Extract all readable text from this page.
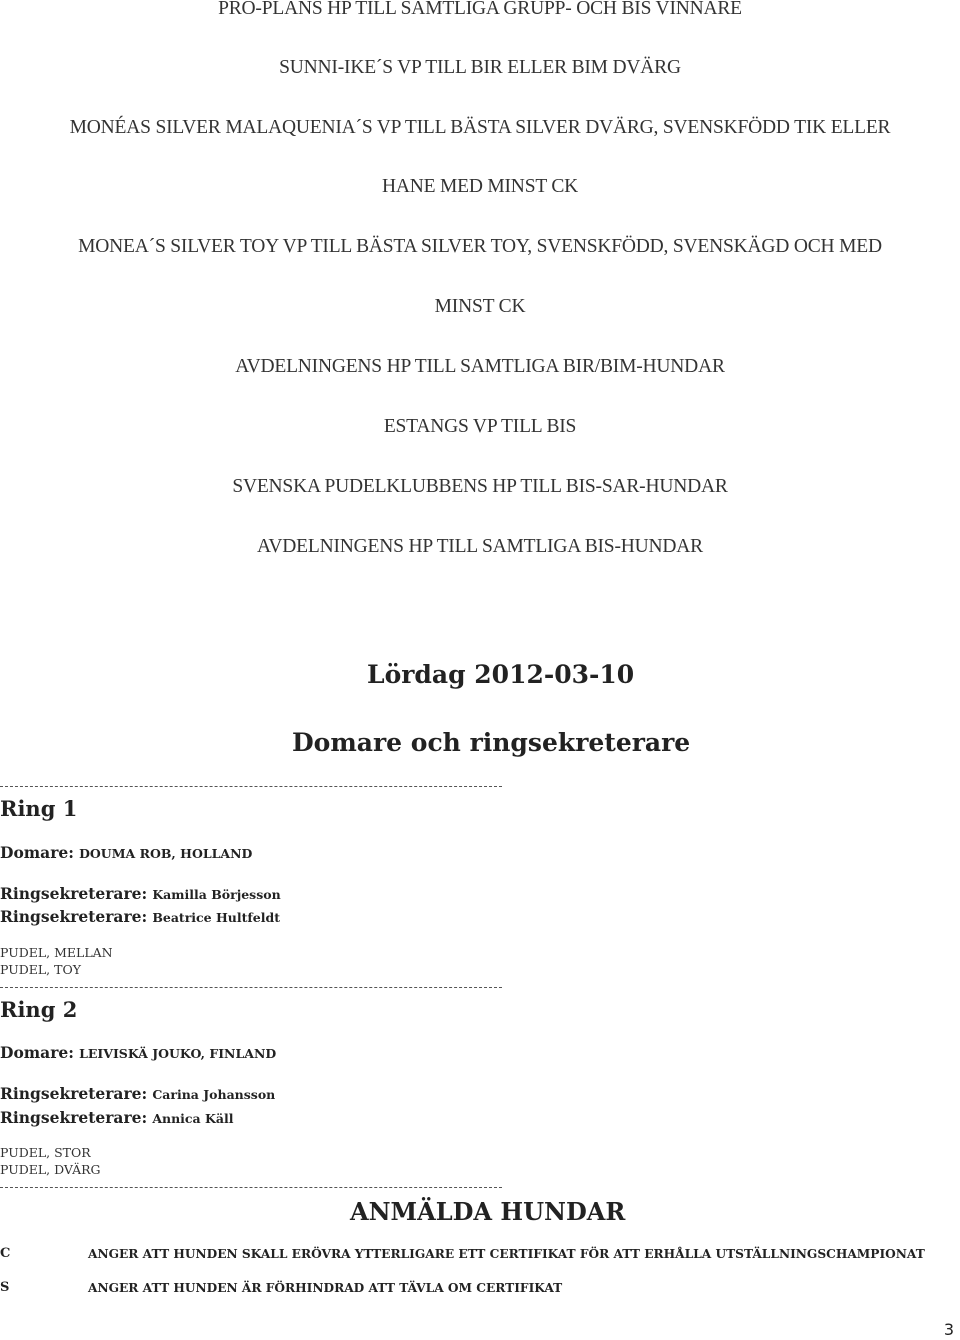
PRO-PLANS HP TILL SAMTLIGA GRUPP- OCH BIS VINNARE
SUNNI-IKE´S VP TILL BIR ELLER BIM DVÄRG
MONÉAS SILVER MALAQUENIA´S VP TILL BÄSTA SILVER DVÄRG, SVENSKFÖDD TIK ELLER
HANE MED MINST CK
MONEA´S SILVER TOY VP TILL BÄSTA SILVER TOY, SVENSKFÖDD, SVENSKÄGD OCH MED
MINST CK
AVDELNINGENS HP TILL SAMTLIGA BIR/BIM-HUNDAR
ESTANGS VP TILL BIS
SVENSKA PUDELKLUBBENS HP TILL BIS-SAR-HUNDAR
AVDELNINGENS HP TILL SAMTLIGA BIS-HUNDAR
Lördag 2012-03-10
Domare och ringsekreterare
Ring 1
Domare: DOUMA ROB, HOLLAND
Ringsekreterare: Kamilla Börjesson
Ringsekreterare: Beatrice Hultfeldt
PUDEL, MELLAN
PUDEL, TOY
Ring 2
Domare: LEIVISKÄ JOUKO, FINLAND
Ringsekreterare: Carina Johansson
Ringsekreterare: Annica Käll
PUDEL, STOR
PUDEL, DVÄRG
ANMÄLDA HUNDAR
C	ANGER ATT HUNDEN SKALL ERÖVRA YTTERLIGARE ETT CERTIFIKAT FÖR ATT ERHÅLLA UTSTÄLLNINGSCHAMPIONAT
S	ANGER ATT HUNDEN ÄR FÖRHINDRAD ATT TÄVLA OM CERTIFIKAT
3
